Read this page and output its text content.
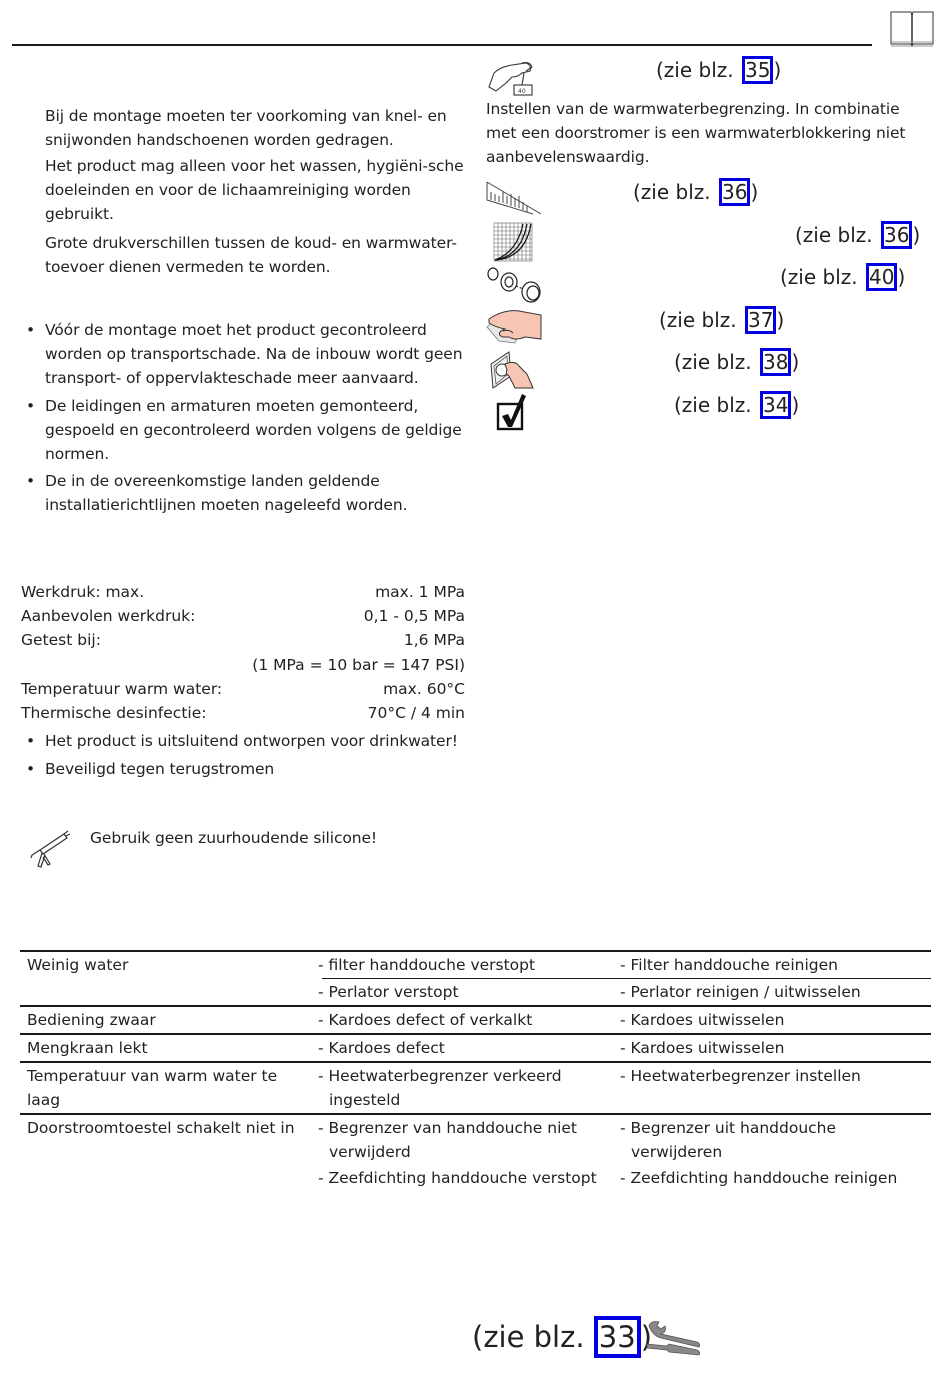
Bij de montage moeten ter voorkoming van knel- en snijwonden handschoenen worden gedragen.
Het product mag alleen voor het wassen, hygiëni-sche doeleinden en voor de lichaamreiniging worden gebruikt.
Grote drukverschillen tussen de koud- en warmwater-toevoer dienen vermeden te worden.
• Vóór de montage moet het product gecontroleerd worden op transportschade. Na de inbouw wordt geen transport- of oppervlakteschade meer aanvaard.
• De leidingen en armaturen moeten gemonteerd, gespoeld en gecontroleerd worden volgens de geldige normen.
• De in de overeenkomstige landen geldende installatierichtlijnen moeten nageleefd worden.
Werkdruk: max.	max. 1 MPa
Aanbevolen werkdruk:	0,1 - 0,5 MPa
Getest bij:	1,6 MPa
	(1 MPa = 10 bar = 147 PSI)
Temperatuur warm water:	max. 60°C
Thermische desinfectie:	70°C / 4 min
• Het product is uitsluitend ontworpen voor drinkwater!
• Beveiligd tegen terugstromen
Gebruik geen zuurhoudende silicone!
40
(zie blz. 35 )
Instellen van de warmwaterbegrenzing. In combinatie met een doorstromer is een warmwaterblokkering niet aanbevelenswaardig.
(zie blz. 36 )
(zie blz. 36 )
(zie blz. 40 )
(zie blz. 37 )
(zie blz. 38 )
(zie blz. 34 )
Weinig water	- filter handdouche verstopt	- Filter handdouche reinigen
	- Perlator verstopt	- Perlator reinigen / uitwisselen
Bediening zwaar	- Kardoes defect of verkalkt	- Kardoes uitwisselen
Mengkraan lekt	- Kardoes defect	- Kardoes uitwisselen
Temperatuur van warm water te laag	- Heetwaterbegrenzer verkeerd ingesteld	- Heetwaterbegrenzer instellen
Doorstroomtoestel schakelt niet in	- Begrenzer van handdouche niet verwijderd	- Begrenzer uit handdouche verwijderen
	- Zeefdichting handdouche verstopt	- Zeefdichting handdouche reinigen
(zie blz. 33 )
